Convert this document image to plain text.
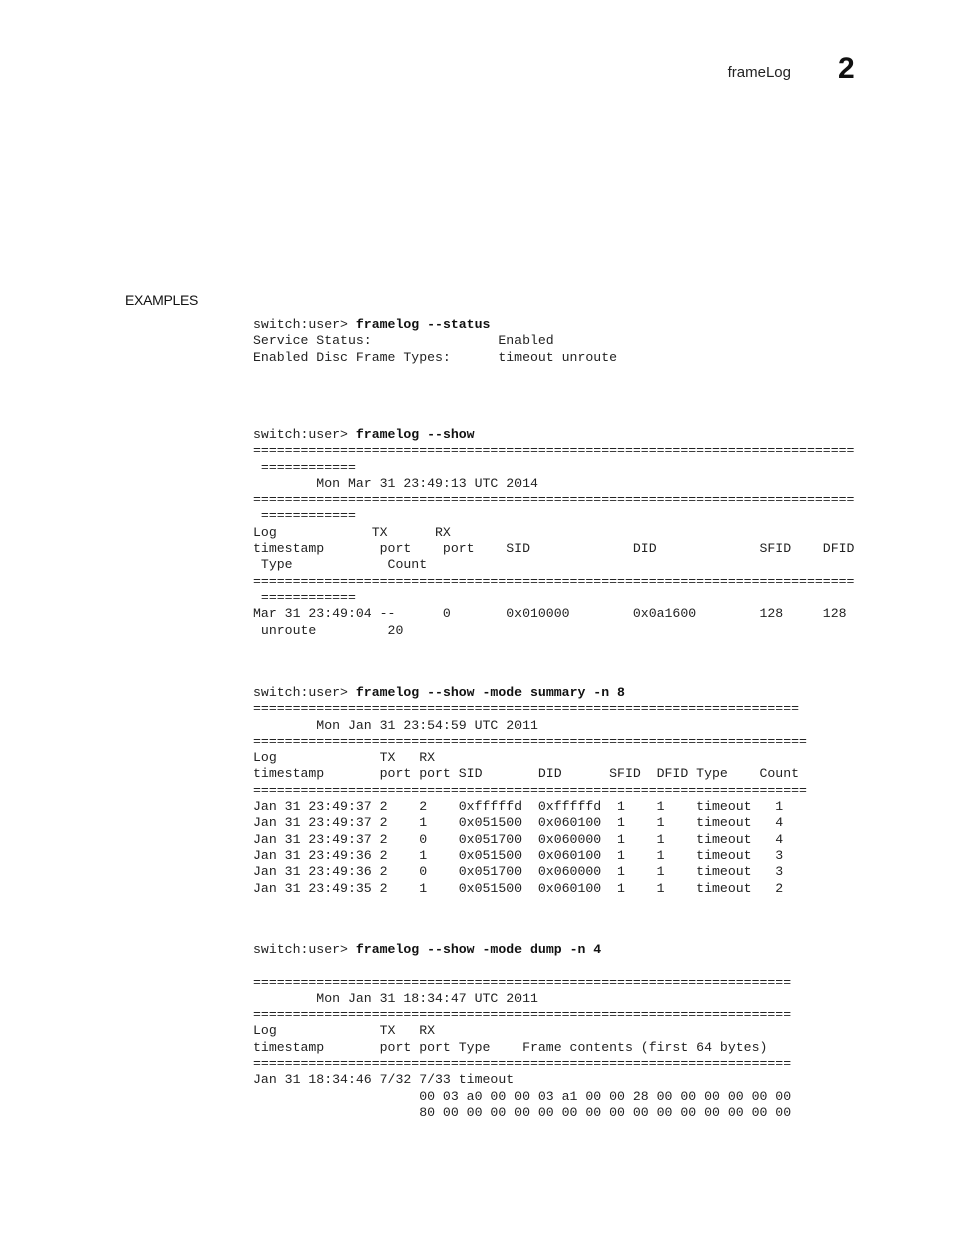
frameLog 2
EXAMPLES
switch:user> framelog --status
Service Status:                Enabled
Enabled Disc Frame Types:      timeout unroute
switch:user> framelog --show
============================================================================
============
Mon Mar 31 23:49:13 UTC 2014
============================================================================
============
Log            TX      RX
timestamp       port    port    SID             DID             SFID    DFID
Type            Count
============================================================================
============
Mar 31 23:49:04 --      0       0x010000        0x0a1600        128     128
unroute         20
switch:user> framelog --show -mode summary -n 8
=====================================================================
Mon Jan 31 23:54:59 UTC 2011
======================================================================
Log             TX   RX
timestamp       port port SID       DID      SFID  DFID Type    Count
======================================================================
Jan 31 23:49:37 2    2    0xfffffd  0xfffffd  1    1    timeout   1
Jan 31 23:49:37 2    1    0x051500  0x060100  1    1    timeout   4
Jan 31 23:49:37 2    0    0x051700  0x060000  1    1    timeout   4
Jan 31 23:49:36 2    1    0x051500  0x060100  1    1    timeout   3
Jan 31 23:49:36 2    0    0x051700  0x060000  1    1    timeout   3
Jan 31 23:49:35 2    1    0x051500  0x060100  1    1    timeout   2
switch:user> framelog --show -mode dump -n 4

====================================================================
Mon Jan 31 18:34:47 UTC 2011
====================================================================
Log             TX   RX
timestamp       port port Type    Frame contents (first 64 bytes)
====================================================================
Jan 31 18:34:46 7/32 7/33 timeout
00 03 a0 00 00 03 a1 00 00 28 00 00 00 00 00 00
80 00 00 00 00 00 00 00 00 00 00 00 00 00 00 00
